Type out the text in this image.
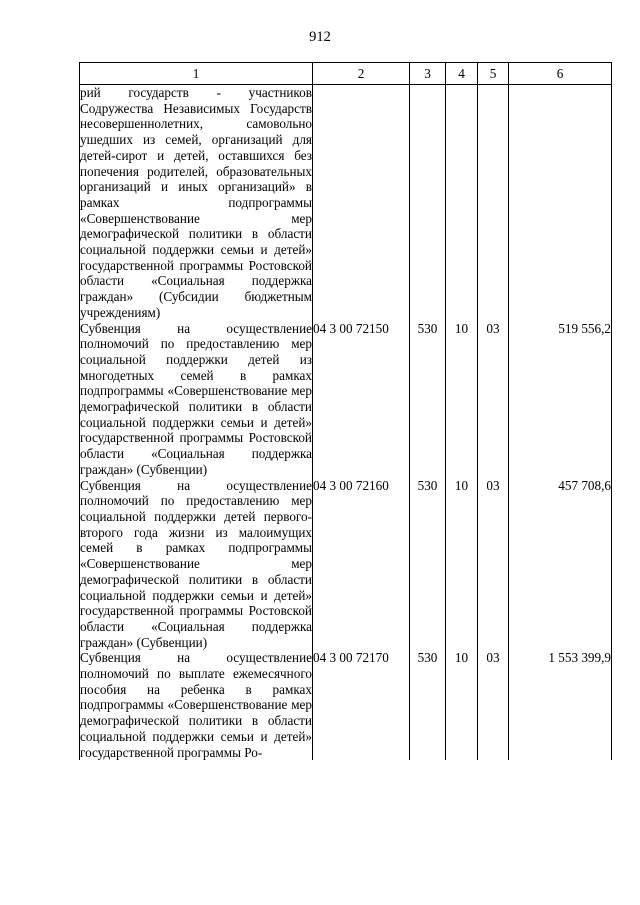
912
1	2	3	4	5	6
рий государств - участников Содружества Независимых Государств несовершеннолетних, самовольно ушедших из семей, организаций для детей-сирот и детей, оставшихся без попечения родителей, образовательных организаций и иных организаций» в рамках подпрограммы «Совершенствование мер демографической политики в области социальной поддержки семьи и детей» государственной программы Ростовской области «Социальная поддержка граждан» (Субсидии бюджетным учреждениям)					
Субвенция на осуществление полномочий по предоставлению мер социальной поддержки детей из многодетных семей в рамках подпрограммы «Совершенствование мер демографической политики в области социальной поддержки семьи и детей» государственной программы Ростовской области «Социальная поддержка граждан» (Субвенции)	04 3 00 72150	530	10	03	519 556,2
Субвенция на осуществление полномочий по предоставлению мер социальной поддержки детей первого-второго года жизни из малоимущих семей в рамках подпрограммы «Совершенствование мер демографической политики в области социальной поддержки семьи и детей» государственной программы Ростовской области «Социальная поддержка граждан» (Субвенции)	04 3 00 72160	530	10	03	457 708,6
Субвенция на осуществление полномочий по выплате ежемесячного пособия на ребенка в рамках подпрограммы «Совершенствование мер демографической политики в области социальной поддержки семьи и детей» государственной программы Ро-	04 3 00 72170	530	10	03	1 553 399,9
